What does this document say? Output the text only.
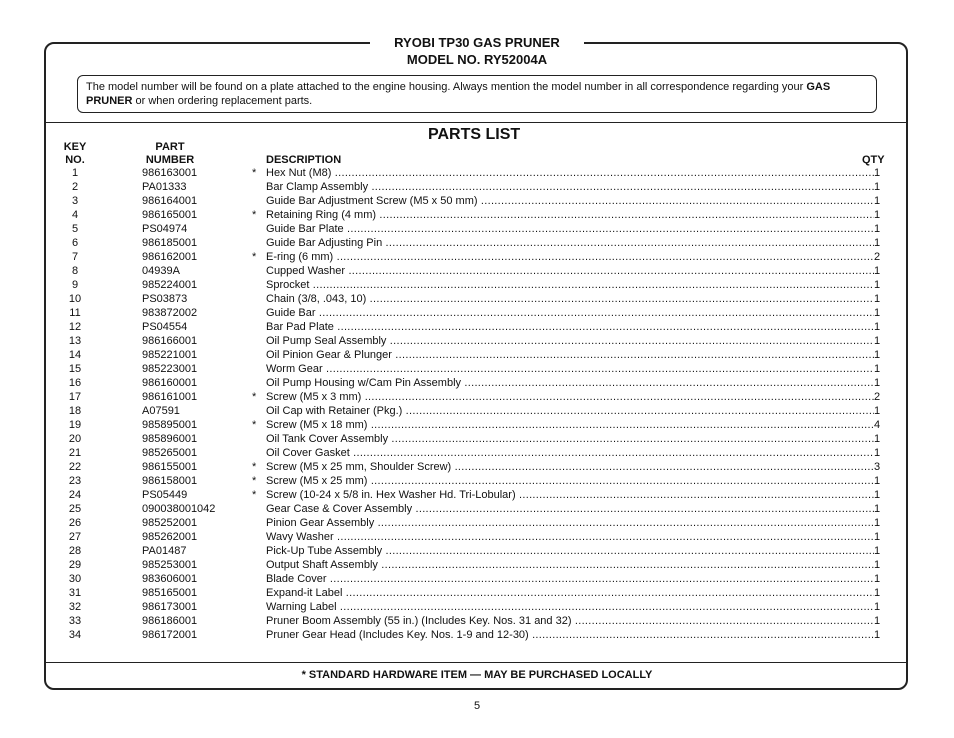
RYOBI TP30 GAS PRUNER
MODEL NO. RY52004A
The model number will be found on a plate attached to the engine housing. Always mention the model number in all correspondence regarding your GAS PRUNER or when ordering replacement parts.
PARTS LIST
KEY
NO.
PART
NUMBER	DESCRIPTION	QTY
1	986163001	* Hex Nut (M8) .....	1
2	PA01333	Bar Clamp Assembly .....	1
3	986164001	Guide Bar Adjustment Screw (M5 x 50 mm) .....	1
4	986165001	* Retaining Ring (4 mm) .....	1
5	PS04974	Guide Bar Plate .....	1
6	986185001	Guide Bar Adjusting Pin .....	1
7	986162001	* E-ring (6 mm) .....	2
8	04939A	Cupped Washer .....	1
9	985224001	Sprocket .....	1
10	PS03873	Chain (3/8, .043, 10) .....	1
11	983872002	Guide Bar .....	1
12	PS04554	Bar Pad Plate .....	1
13	986166001	Oil Pump Seal Assembly .....	1
14	985221001	Oil Pinion Gear & Plunger .....	1
15	985223001	Worm Gear .....	1
16	986160001	Oil Pump Housing w/Cam Pin Assembly .....	1
17	986161001	* Screw (M5 x 3 mm) .....	2
18	A07591	Oil Cap with Retainer (Pkg.) .....	1
19	985895001	* Screw (M5 x 18 mm) .....	4
20	985896001	Oil Tank Cover Assembly .....	1
21	985265001	Oil Cover Gasket .....	1
22	986155001	* Screw (M5 x 25 mm, Shoulder Screw) .....	3
23	986158001	* Screw (M5 x 25 mm) .....	1
24	PS05449	* Screw (10-24 x 5/8 in. Hex Washer Hd. Tri-Lobular) .....	1
25	090038001042	Gear Case & Cover Assembly .....	1
26	985252001	Pinion Gear Assembly .....	1
27	985262001	Wavy Washer .....	1
28	PA01487	Pick-Up Tube Assembly .....	1
29	985253001	Output Shaft Assembly .....	1
30	983606001	Blade Cover .....	1
31	985165001	Expand-it Label .....	1
32	986173001	Warning Label .....	1
33	986186001	Pruner Boom Assembly (55 in.) (Includes Key. Nos. 31 and 32) .....	1
34	986172001	Pruner Gear Head (Includes Key. Nos. 1-9 and 12-30) .....	1
* STANDARD HARDWARE ITEM — MAY BE PURCHASED LOCALLY
5
